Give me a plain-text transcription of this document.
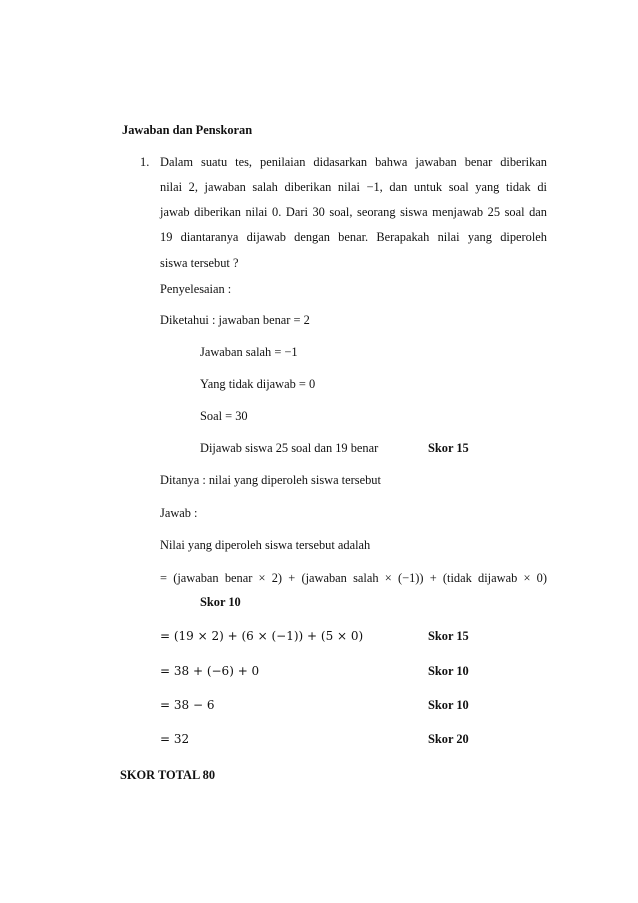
Jawaban dan Penskoran
1. Dalam suatu tes, penilaian didasarkan bahwa jawaban benar diberikan
nilai 2, jawaban salah diberikan nilai −1, dan untuk soal yang tidak di
jawab diberikan nilai 0. Dari 30 soal, seorang siswa menjawab 25 soal dan
19 diantaranya dijawab dengan benar. Berapakah nilai yang diperoleh
siswa tersebut ?
Penyelesaian :
Diketahui : jawaban benar = 2
Jawaban salah = −1
Yang tidak dijawab = 0
Soal = 30
Dijawab siswa 25 soal dan 19 benar	Skor 15
Ditanya : nilai yang diperoleh siswa tersebut
Jawab :
Nilai yang diperoleh siswa tersebut adalah
= (jawaban benar × 2) + (jawaban salah × (−1)) + (tidak dijawab × 0)
Skor 10
= (19 × 2) + (6 × (−1)) + (5 × 0)	Skor 15
= 38 + (−6) + 0	Skor 10
= 38 − 6	Skor 10
= 32	Skor 20
SKOR TOTAL 80
